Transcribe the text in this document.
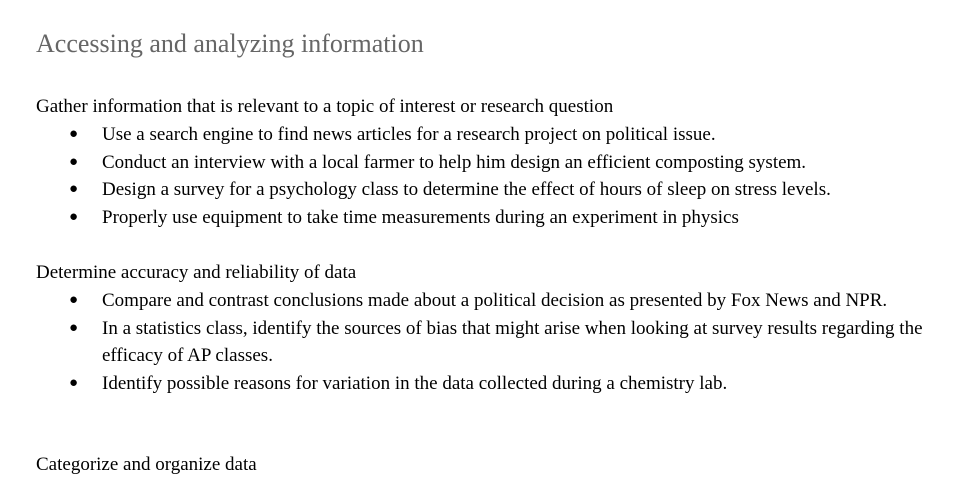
Accessing and analyzing information
Gather information that is relevant to a topic of interest or research question
● Use a search engine to find news articles for a research project on political issue.
● Conduct an interview with a local farmer to help him design an efficient composting system.
● Design a survey for a psychology class to determine the effect of hours of sleep on stress levels.
● Properly use equipment to take time measurements during an experiment in physics
Determine accuracy and reliability of data
● Compare and contrast conclusions made about a political decision as presented by Fox News and NPR.
● In a statistics class, identify the sources of bias that might arise when looking at survey results regarding the efficacy of AP classes.
● Identify possible reasons for variation in the data collected during a chemistry lab.
Categorize and organize data
